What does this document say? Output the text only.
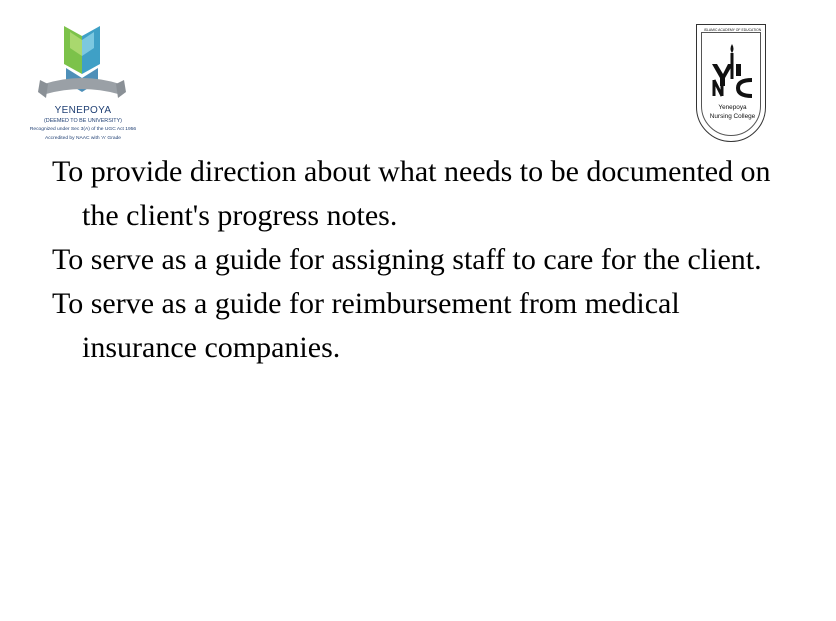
YENEPOYA
(DEEMED TO BE UNIVERSITY)
Recognized under Sec 3(A) of the UGC Act 1956
Accredited by NAAC with 'A' Grade
ISLAMIC ACADEMY OF EDUCATION
Yenepoya
Nursing College

To provide direction about what needs to be documented on the client's progress notes.

To serve as a guide for assigning staff to care for the client.

To serve as a guide for reimbursement from medical insurance companies.
